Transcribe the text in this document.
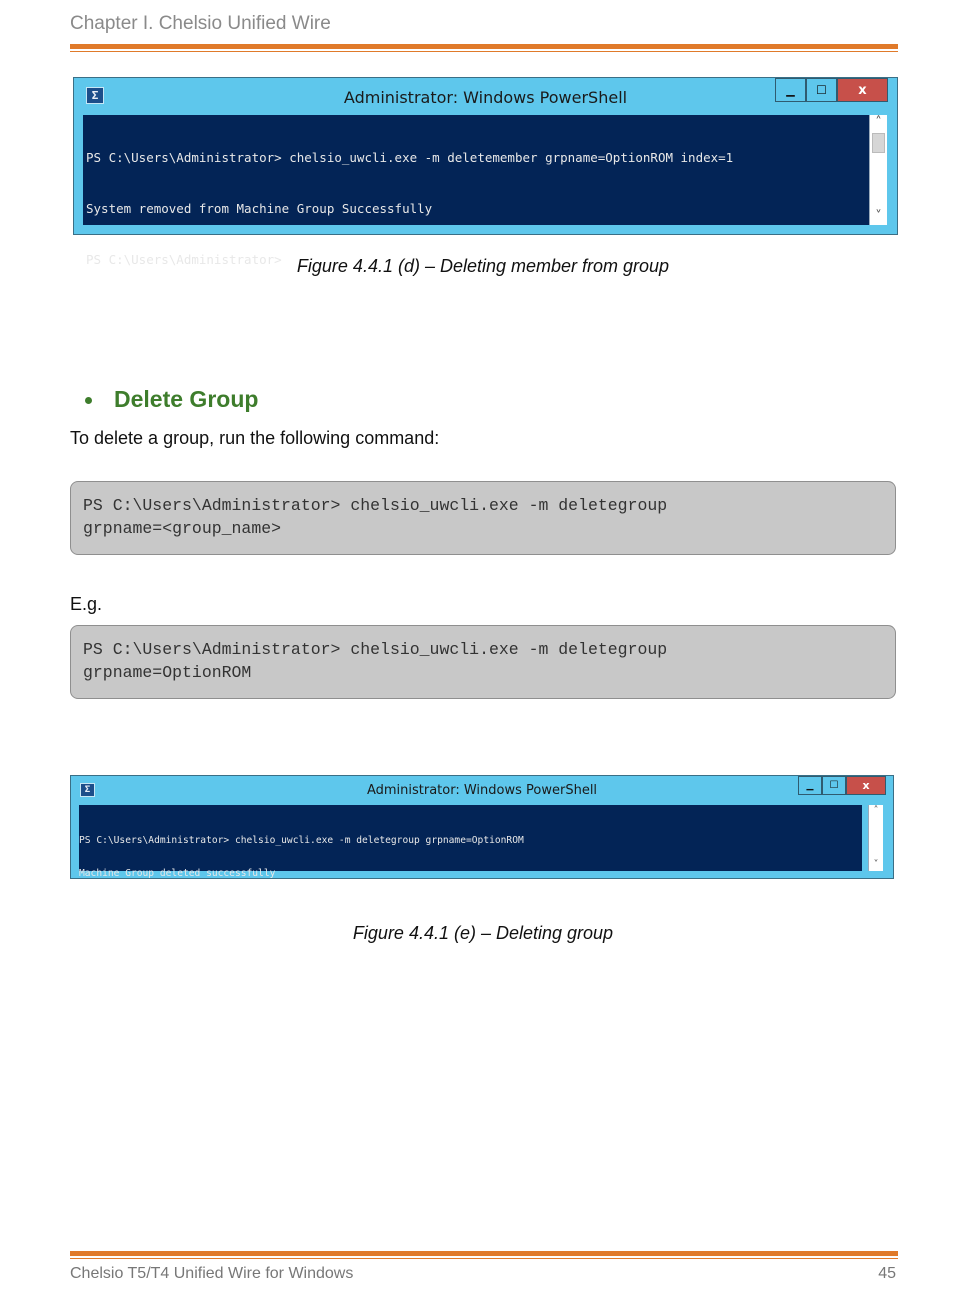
Chapter I. Chelsio Unified Wire
Σ	Administrator: Windows PowerShell	▁	☐	x

PS C:\Users\Administrator> chelsio_uwcli.exe -m deletemember grpname=OptionROM index=1

System removed from Machine Group Successfully

PS C:\Users\Administrator>

˄
˅
Figure 4.4.1 (d) – Deleting member from group
Delete Group
To delete a group, run the following command:
PS C:\Users\Administrator> chelsio_uwcli.exe -m deletegroup
grpname=<group_name>
E.g.
PS C:\Users\Administrator> chelsio_uwcli.exe -m deletegroup
grpname=OptionROM
Σ	Administrator: Windows PowerShell	▁	☐	x

PS C:\Users\Administrator> chelsio_uwcli.exe -m deletegroup grpname=OptionROM

Machine Group deleted successfully

˄
˅
Figure 4.4.1 (e) – Deleting group
Chelsio T5/T4 Unified Wire for Windows	45
